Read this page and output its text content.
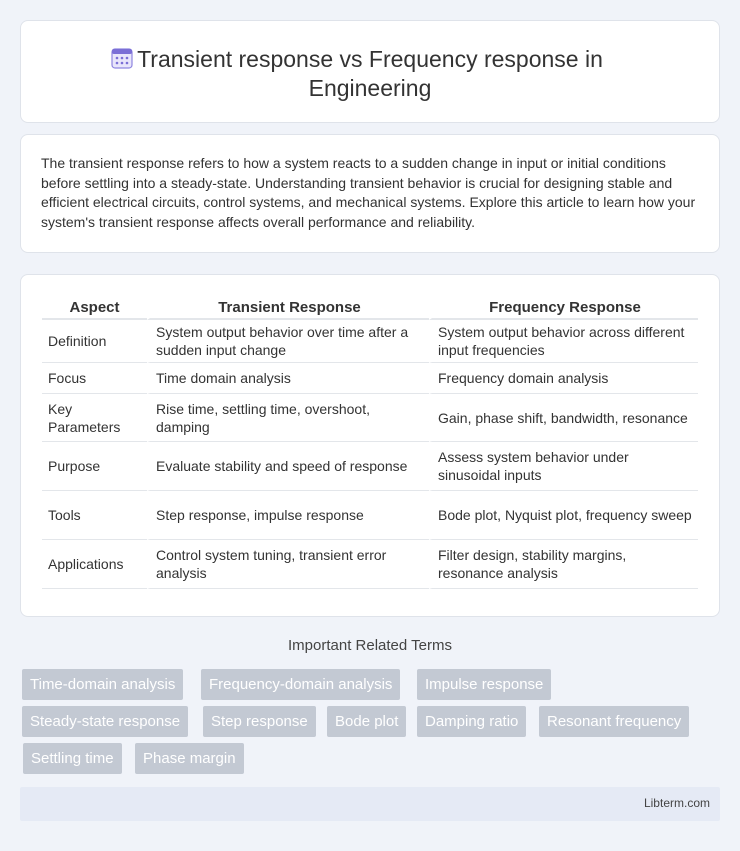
Transient response vs Frequency response in Engineering

The transient response refers to how a system reacts to a sudden change in input or initial conditions before settling into a steady-state. Understanding transient behavior is crucial for designing stable and efficient electrical circuits, control systems, and mechanical systems. Explore this article to learn how your system's transient response affects overall performance and reliability.

Aspect	Transient Response	Frequency Response
Definition	System output behavior over time after a sudden input change	System output behavior across different input frequencies
Focus	Time domain analysis	Frequency domain analysis
Key Parameters	Rise time, settling time, overshoot, damping	Gain, phase shift, bandwidth, resonance
Purpose	Evaluate stability and speed of response	Assess system behavior under sinusoidal inputs
Tools	Step response, impulse response	Bode plot, Nyquist plot, frequency sweep
Applications	Control system tuning, transient error analysis	Filter design, stability margins, resonance analysis
Important Related Terms
Time-domain analysis	Frequency-domain analysis	Impulse response
Steady-state response	Step response	Bode plot	Damping ratio	Resonant frequency
Settling time	Phase margin
Libterm.com
